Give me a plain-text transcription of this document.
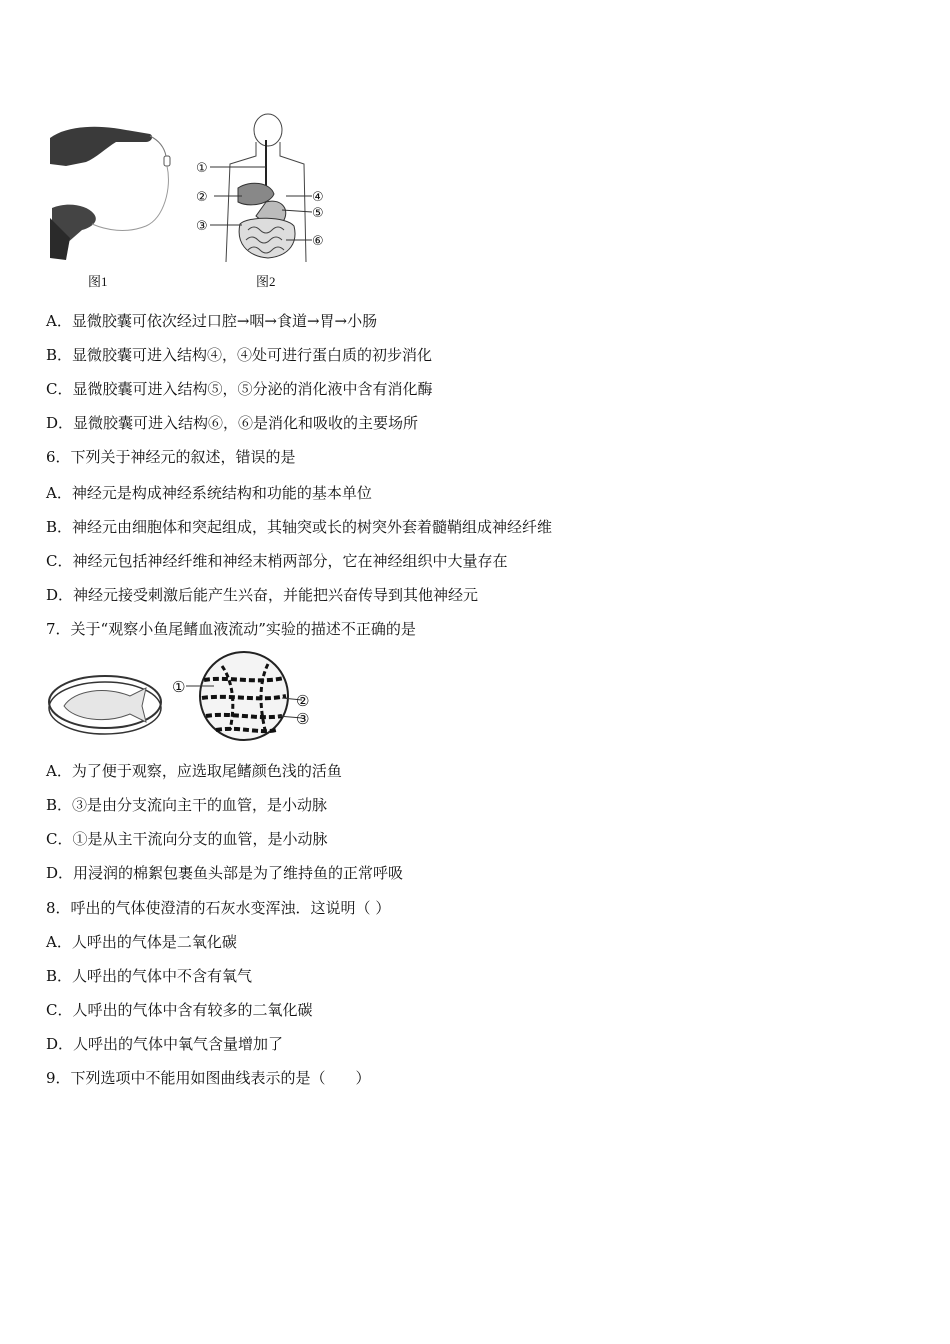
图1
①
②
③
④
⑤
⑥
图2
A．显微胶囊可依次经过口腔→咽→食道→胃→小肠
B．显微胶囊可进入结构④，④处可进行蛋白质的初步消化
C．显微胶囊可进入结构⑤，⑤分泌的消化液中含有消化酶
D．显微胶囊可进入结构⑥，⑥是消化和吸收的主要场所
6．下列关于神经元的叙述，错误的是
A．神经元是构成神经系统结构和功能的基本单位
B．神经元由细胞体和突起组成，其轴突或长的树突外套着髓鞘组成神经纤维
C．神经元包括神经纤维和神经末梢两部分，它在神经组织中大量存在
D．神经元接受刺激后能产生兴奋，并能把兴奋传导到其他神经元
7．关于“观察小鱼尾鳍血液流动”实验的描述不正确的是
①
②
③
A．为了便于观察，应选取尾鳍颜色浅的活鱼
B．③是由分支流向主干的血管，是小动脉
C．①是从主干流向分支的血管，是小动脉
D．用浸润的棉絮包裹鱼头部是为了维持鱼的正常呼吸
8．呼出的气体使澄清的石灰水变浑浊．这说明（ ）
A．人呼出的气体是二氧化碳
B．人呼出的气体中不含有氧气
C．人呼出的气体中含有较多的二氧化碳
D．人呼出的气体中氧气含量增加了
9．下列选项中不能用如图曲线表示的是（　　）
